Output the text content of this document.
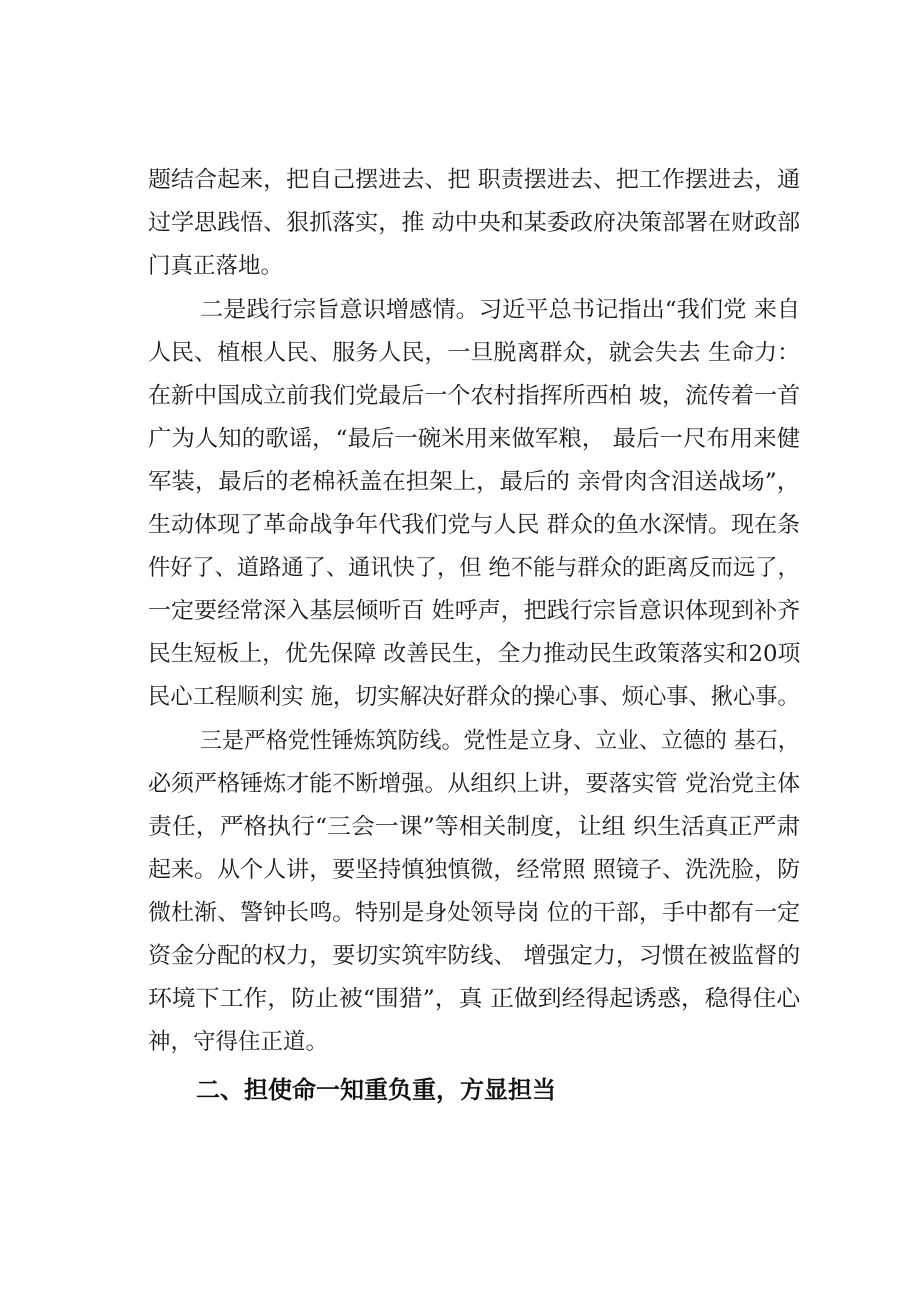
题结合起来，把自己摆进去、把 职责摆进去、把工作摆进去，通
过学思践悟、狠抓落实，推 动中央和某委政府决策部署在财政部
门真正落地。
二是践行宗旨意识增感情。习近平总书记指出“我们党 来自
人民、植根人民、服务人民，一旦脱离群众，就会失去 生命力：
在新中国成立前我们党最后一个农村指挥所西柏 坡，流传着一首
广为人知的歌谣，“最后一碗米用来做军粮， 最后一尺布用来健
军装，最后的老棉袄盖在担架上，最后的 亲骨肉含泪送战场”，
生动体现了革命战争年代我们党与人民 群众的鱼水深情。现在条
件好了、道路通了、通讯快了，但 绝不能与群众的距离反而远了，
一定要经常深入基层倾听百 姓呼声，把践行宗旨意识体现到补齐
民生短板上，优先保障 改善民生，全力推动民生政策落实和20项
民心工程顺利实 施，切实解决好群众的操心事、烦心事、揪心事。
三是严格党性锤炼筑防线。党性是立身、立业、立德的 基石，
必须严格锤炼才能不断增强。从组织上讲，要落实管 党治党主体
责任，严格执行“三会一课”等相关制度，让组 织生活真正严肃
起来。从个人讲，要坚持慎独慎微，经常照 照镜子、洗洗脸，防
微杜渐、警钟长鸣。特别是身处领导岗 位的干部，手中都有一定
资金分配的权力，要切实筑牢防线、 增强定力，习惯在被监督的
环境下工作，防止被“围猎”，真 正做到经得起诱惑，稳得住心
神，守得住正道。
二、担使命一知重负重，方显担当
